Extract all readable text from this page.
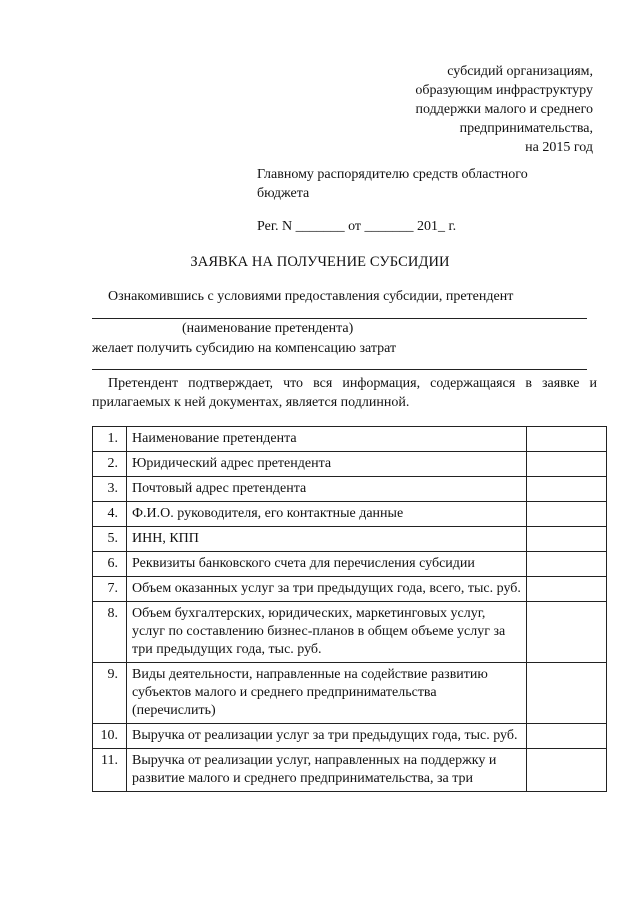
субсидий организациям,
образующим инфраструктуру
поддержки малого и среднего
предпринимательства,
на 2015 год
Главному распорядителю средств областного бюджета
Рег. N _______ от _______ 201_ г.
ЗАЯВКА НА ПОЛУЧЕНИЕ СУБСИДИИ
Ознакомившись с условиями предоставления субсидии, претендент
(наименование претендента)
желает получить субсидию на компенсацию затрат
Претендент подтверждает, что вся информация, содержащаяся в заявке и прилагаемых к ней документах, является подлинной.
1.	Наименование претендента	
2.	Юридический адрес претендента	
3.	Почтовый адрес претендента	
4.	Ф.И.О. руководителя, его контактные данные	
5.	ИНН, КПП	
6.	Реквизиты банковского счета для перечисления субсидии	
7.	Объем оказанных услуг за три предыдущих года, всего, тыс. руб.	
8.	Объем бухгалтерских, юридических, маркетинговых услуг, услуг по составлению бизнес-планов в общем объеме услуг за три предыдущих года, тыс. руб.	
9.	Виды деятельности, направленные на содействие развитию субъектов малого и среднего предпринимательства (перечислить)	
10.	Выручка от реализации услуг за три предыдущих года, тыс. руб.	
11.	Выручка от реализации услуг, направленных на поддержку и развитие малого и среднего предпринимательства, за три	
